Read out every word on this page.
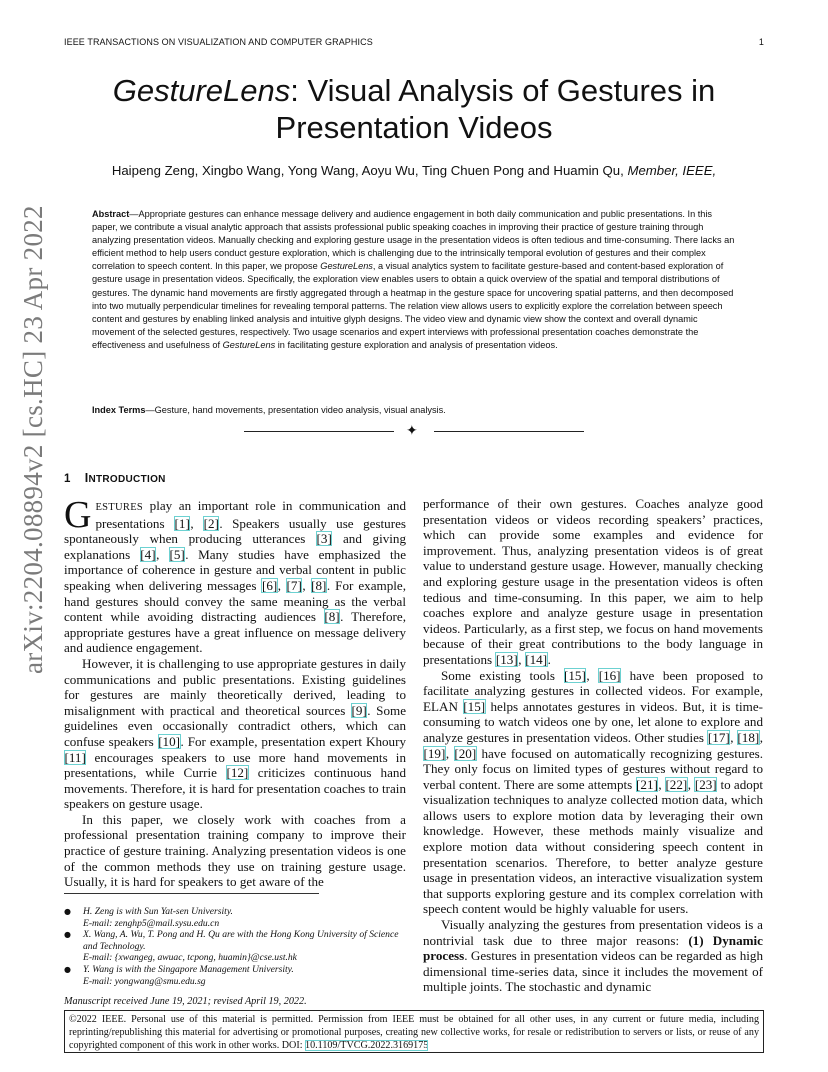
IEEE TRANSACTIONS ON VISUALIZATION AND COMPUTER GRAPHICS	1
GestureLens: Visual Analysis of Gestures in
Presentation Videos
Haipeng Zeng, Xingbo Wang, Yong Wang, Aoyu Wu, Ting Chuen Pong and Huamin Qu, Member, IEEE,
Abstract—Appropriate gestures can enhance message delivery and audience engagement in both daily communication and public presentations. In this paper, we contribute a visual analytic approach that assists professional public speaking coaches in improving their practice of gesture training through analyzing presentation videos. Manually checking and exploring gesture usage in the presentation videos is often tedious and time-consuming. There lacks an efficient method to help users conduct gesture exploration, which is challenging due to the intrinsically temporal evolution of gestures and their complex correlation to speech content. In this paper, we propose GestureLens, a visual analytics system to facilitate gesture-based and content-based exploration of gesture usage in presentation videos. Specifically, the exploration view enables users to obtain a quick overview of the spatial and temporal distributions of gestures. The dynamic hand movements are firstly aggregated through a heatmap in the gesture space for uncovering spatial patterns, and then decomposed into two mutually perpendicular timelines for revealing temporal patterns. The relation view allows users to explicitly explore the correlation between speech content and gestures by enabling linked analysis and intuitive glyph designs. The video view and dynamic view show the context and overall dynamic movement of the selected gestures, respectively. Two usage scenarios and expert interviews with professional presentation coaches demonstrate the effectiveness and usefulness of GestureLens in facilitating gesture exploration and analysis of presentation videos.
Index Terms—Gesture, hand movements, presentation video analysis, visual analysis.
✦
arXiv:2204.08894v2 [cs.HC] 23 Apr 2022 1 INTRODUCTION

GESTURES play an important role in communication and presentations [1], [2]. Speakers usually use gestures spontaneously when producing utterances [3] and giving explanations [4], [5]. Many studies have emphasized the importance of coherence in gesture and verbal content in public speaking when delivering messages [6], [7], [8]. For example, hand gestures should convey the same meaning as the verbal content while avoiding distracting audiences [8]. Therefore, appropriate gestures have a great influence on message delivery and audience engagement.

However, it is challenging to use appropriate gestures in daily communications and public presentations. Existing guidelines for gestures are mainly theoretically derived, leading to misalignment with practical and theoretical sources [9]. Some guidelines even occasionally contradict others, which can confuse speakers [10]. For example, presentation expert Khoury [11] encourages speakers to use more hand movements in presentations, while Currie [12] criticizes continuous hand movements. Therefore, it is hard for presentation coaches to train speakers on gesture usage.

In this paper, we closely work with coaches from a professional presentation training company to improve their practice of gesture training. Analyzing presentation videos is one of the common methods they use on training gesture usage. Usually, it is hard for speakers to get aware of the

performance of their own gestures. Coaches analyze good presentation videos or videos recording speakers’ practices, which can provide some examples and evidence for improvement. Thus, analyzing presentation videos is of great value to understand gesture usage. However, manually checking and exploring gesture usage in the presentation videos is often tedious and time-consuming. In this paper, we aim to help coaches explore and analyze gesture usage in presentation videos. Particularly, as a first step, we focus on hand movements because of their great contributions to the body language in presentations [13], [14].

Some existing tools [15], [16] have been proposed to facilitate analyzing gestures in collected videos. For example, ELAN [15] helps annotates gestures in videos. But, it is time-consuming to watch videos one by one, let alone to explore and analyze gestures in presentation videos. Other studies [17], [18], [19], [20] have focused on automatically recognizing gestures. They only focus on limited types of gestures without regard to verbal content. There are some attempts [21], [22], [23] to adopt visualization techniques to analyze collected motion data, which allows users to explore motion data by leveraging their own knowledge. However, these methods mainly visualize and explore motion data without considering speech content in presentation scenarios. Therefore, to better analyze gesture usage in presentation videos, an interactive visualization system that supports exploring gesture and its complex correlation with speech content would be highly valuable for users.

Visually analyzing the gestures from presentation videos is a nontrivial task due to three major reasons: (1) Dynamic process. Gestures in presentation videos can be regarded as high dimensional time-series data, since it includes the movement of multiple joints. The stochastic and dynamic

● H. Zeng is with Sun Yat-sen University.
E-mail: zenghp5@mail.sysu.edu.cn
● X. Wang, A. Wu, T. Pong and H. Qu are with the Hong Kong University of Science and Technology.
E-mail: {xwangeg, awuac, tcpong, huamin}@cse.ust.hk
● Y. Wang is with the Singapore Management University.
E-mail: yongwang@smu.edu.sg
Manuscript received June 19, 2021; revised April 19, 2022.
©2022 IEEE. Personal use of this material is permitted. Permission from IEEE must be obtained for all other uses, in any current or future media, including reprinting/republishing this material for advertising or promotional purposes, creating new collective works, for resale or redistribution to servers or lists, or reuse of any copyrighted component of this work in other works. DOI: 10.1109/TVCG.2022.3169175
